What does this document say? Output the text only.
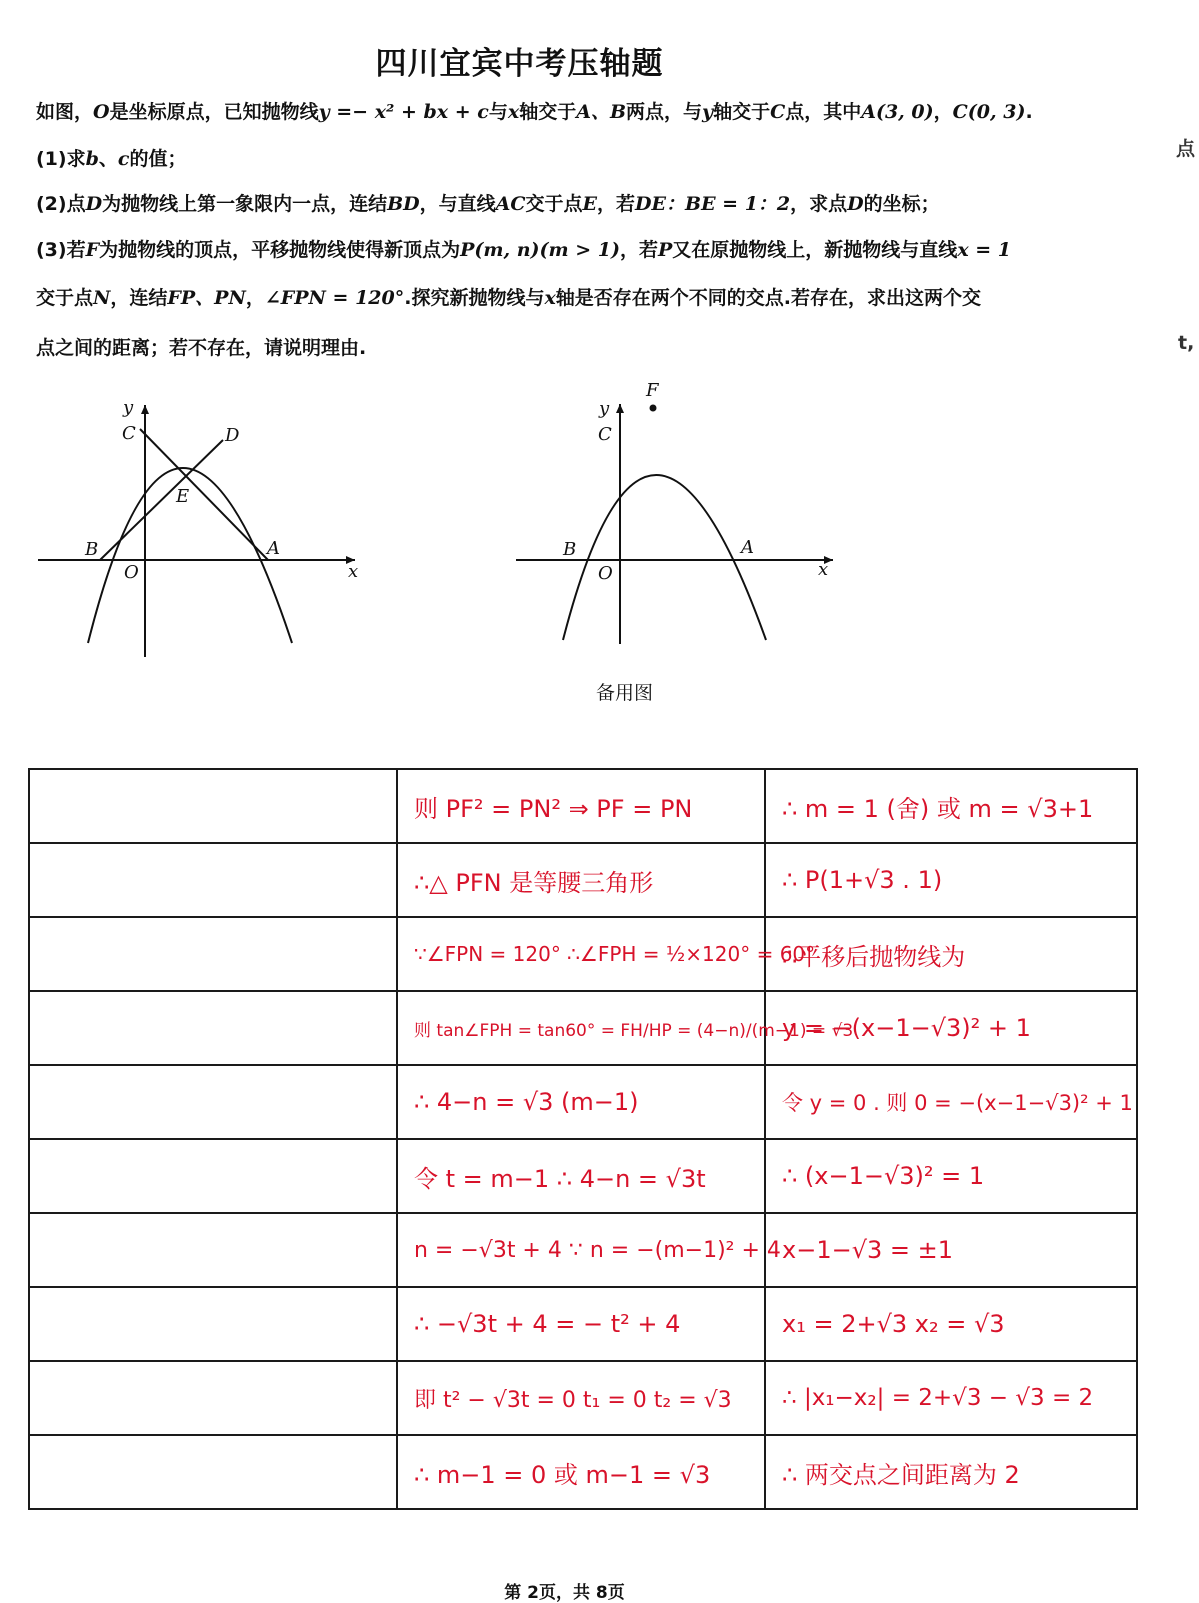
四川宜宾中考压轴题
如图，O是坐标原点，已知抛物线y =− x² + bx + c与x轴交于A、B两点，与y轴交于C点，其中A(3, 0)，C(0, 3).
(1)求b、c的值；
(2)点D为抛物线上第一象限内一点，连结BD，与直线AC交于点E，若DE：BE = 1：2，求点D的坐标；
(3)若F为抛物线的顶点，平移抛物线使得新顶点为P(m, n)(m > 1)，若P又在原抛物线上，新抛物线与直线x = 1
交于点N，连结FP、PN，∠FPN = 120°.探究新抛物线与x轴是否存在两个不同的交点.若存在，求出这两个交
点之间的距离；若不存在，请说明理由.
点
t,
y
C	D
E
B
O
A
x
F
y
C
B
O
A
x
备用图
	则 PF² = PN² ⇒ PF = PN	∴ m = 1 (舍) 或 m = √3+1
	∴△ PFN 是等腰三角形	∴ P(1+√3 . 1)
	∵∠FPN = 120° ∴∠FPH = ½×120° = 60°	∴平移后抛物线为
	则 tan∠FPH = tan60° = FH/HP = (4−n)/(m−1) = √3	y = −(x−1−√3)² + 1
	∴ 4−n = √3 (m−1)	令 y = 0 . 则 0 = −(x−1−√3)² + 1
	令 t = m−1 ∴ 4−n = √3t	∴ (x−1−√3)² = 1
	n = −√3t + 4 ∵ n = −(m−1)² + 4	x−1−√3 = ±1
	∴ −√3t + 4 = − t² + 4	x₁ = 2+√3 x₂ = √3
	即 t² − √3t = 0 t₁ = 0 t₂ = √3	∴ |x₁−x₂| = 2+√3 − √3 = 2
	∴ m−1 = 0 或 m−1 = √3	∴ 两交点之间距离为 2
第 2页，共 8页
